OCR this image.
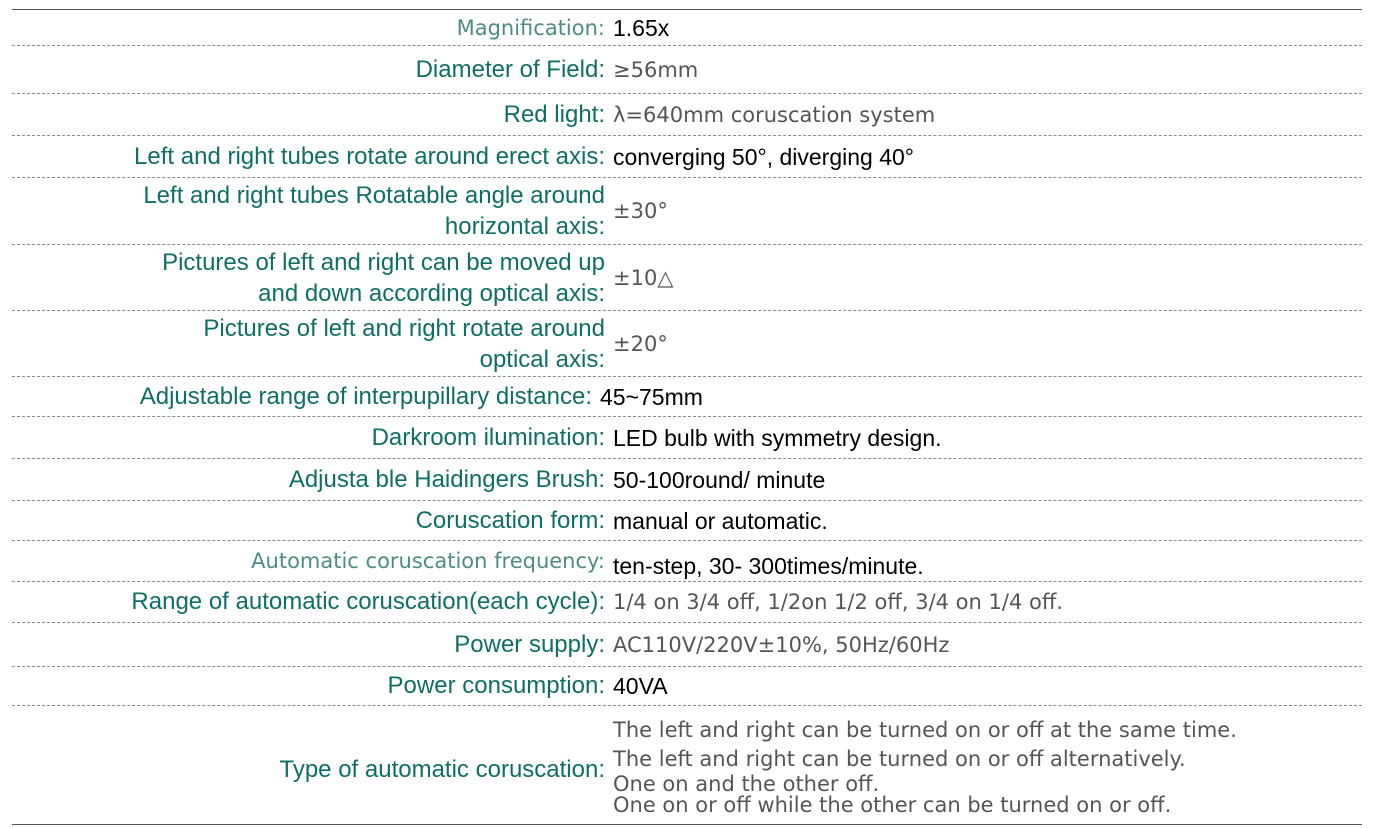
Magnification: 1.65x
Diameter of Field: ≥56mm
Red light: λ=640mm coruscation system
Left and right tubes rotate around erect axis: converging 50°, diverging 40°
Left and right tubes Rotatable angle around
horizontal axis:
±30°
Pictures of left and right can be moved up
and down according optical axis:
±10△
Pictures of left and right rotate around
optical axis:
±20°
Adjustable range of interpupillary distance: 45~75mm
Darkroom ilumination: LED bulb with symmetry design.
Adjusta ble Haidingers Brush: 50-100round/ minute
Coruscation form: manual or automatic.
Automatic coruscation frequency: ten-step, 30- 300times/minute.
Range of automatic coruscation(each cycle): 1/4 on 3/4 off, 1/2on 1/2 off, 3/4 on 1/4 off.
Power supply: AC110V/220V±10%, 50Hz/60Hz
Power consumption: 40VA
Type of automatic coruscation:
The left and right can be turned on or off at the same time.
The left and right can be turned on or off alternatively.
One on and the other off.
One on or off while the other can be turned on or off.
